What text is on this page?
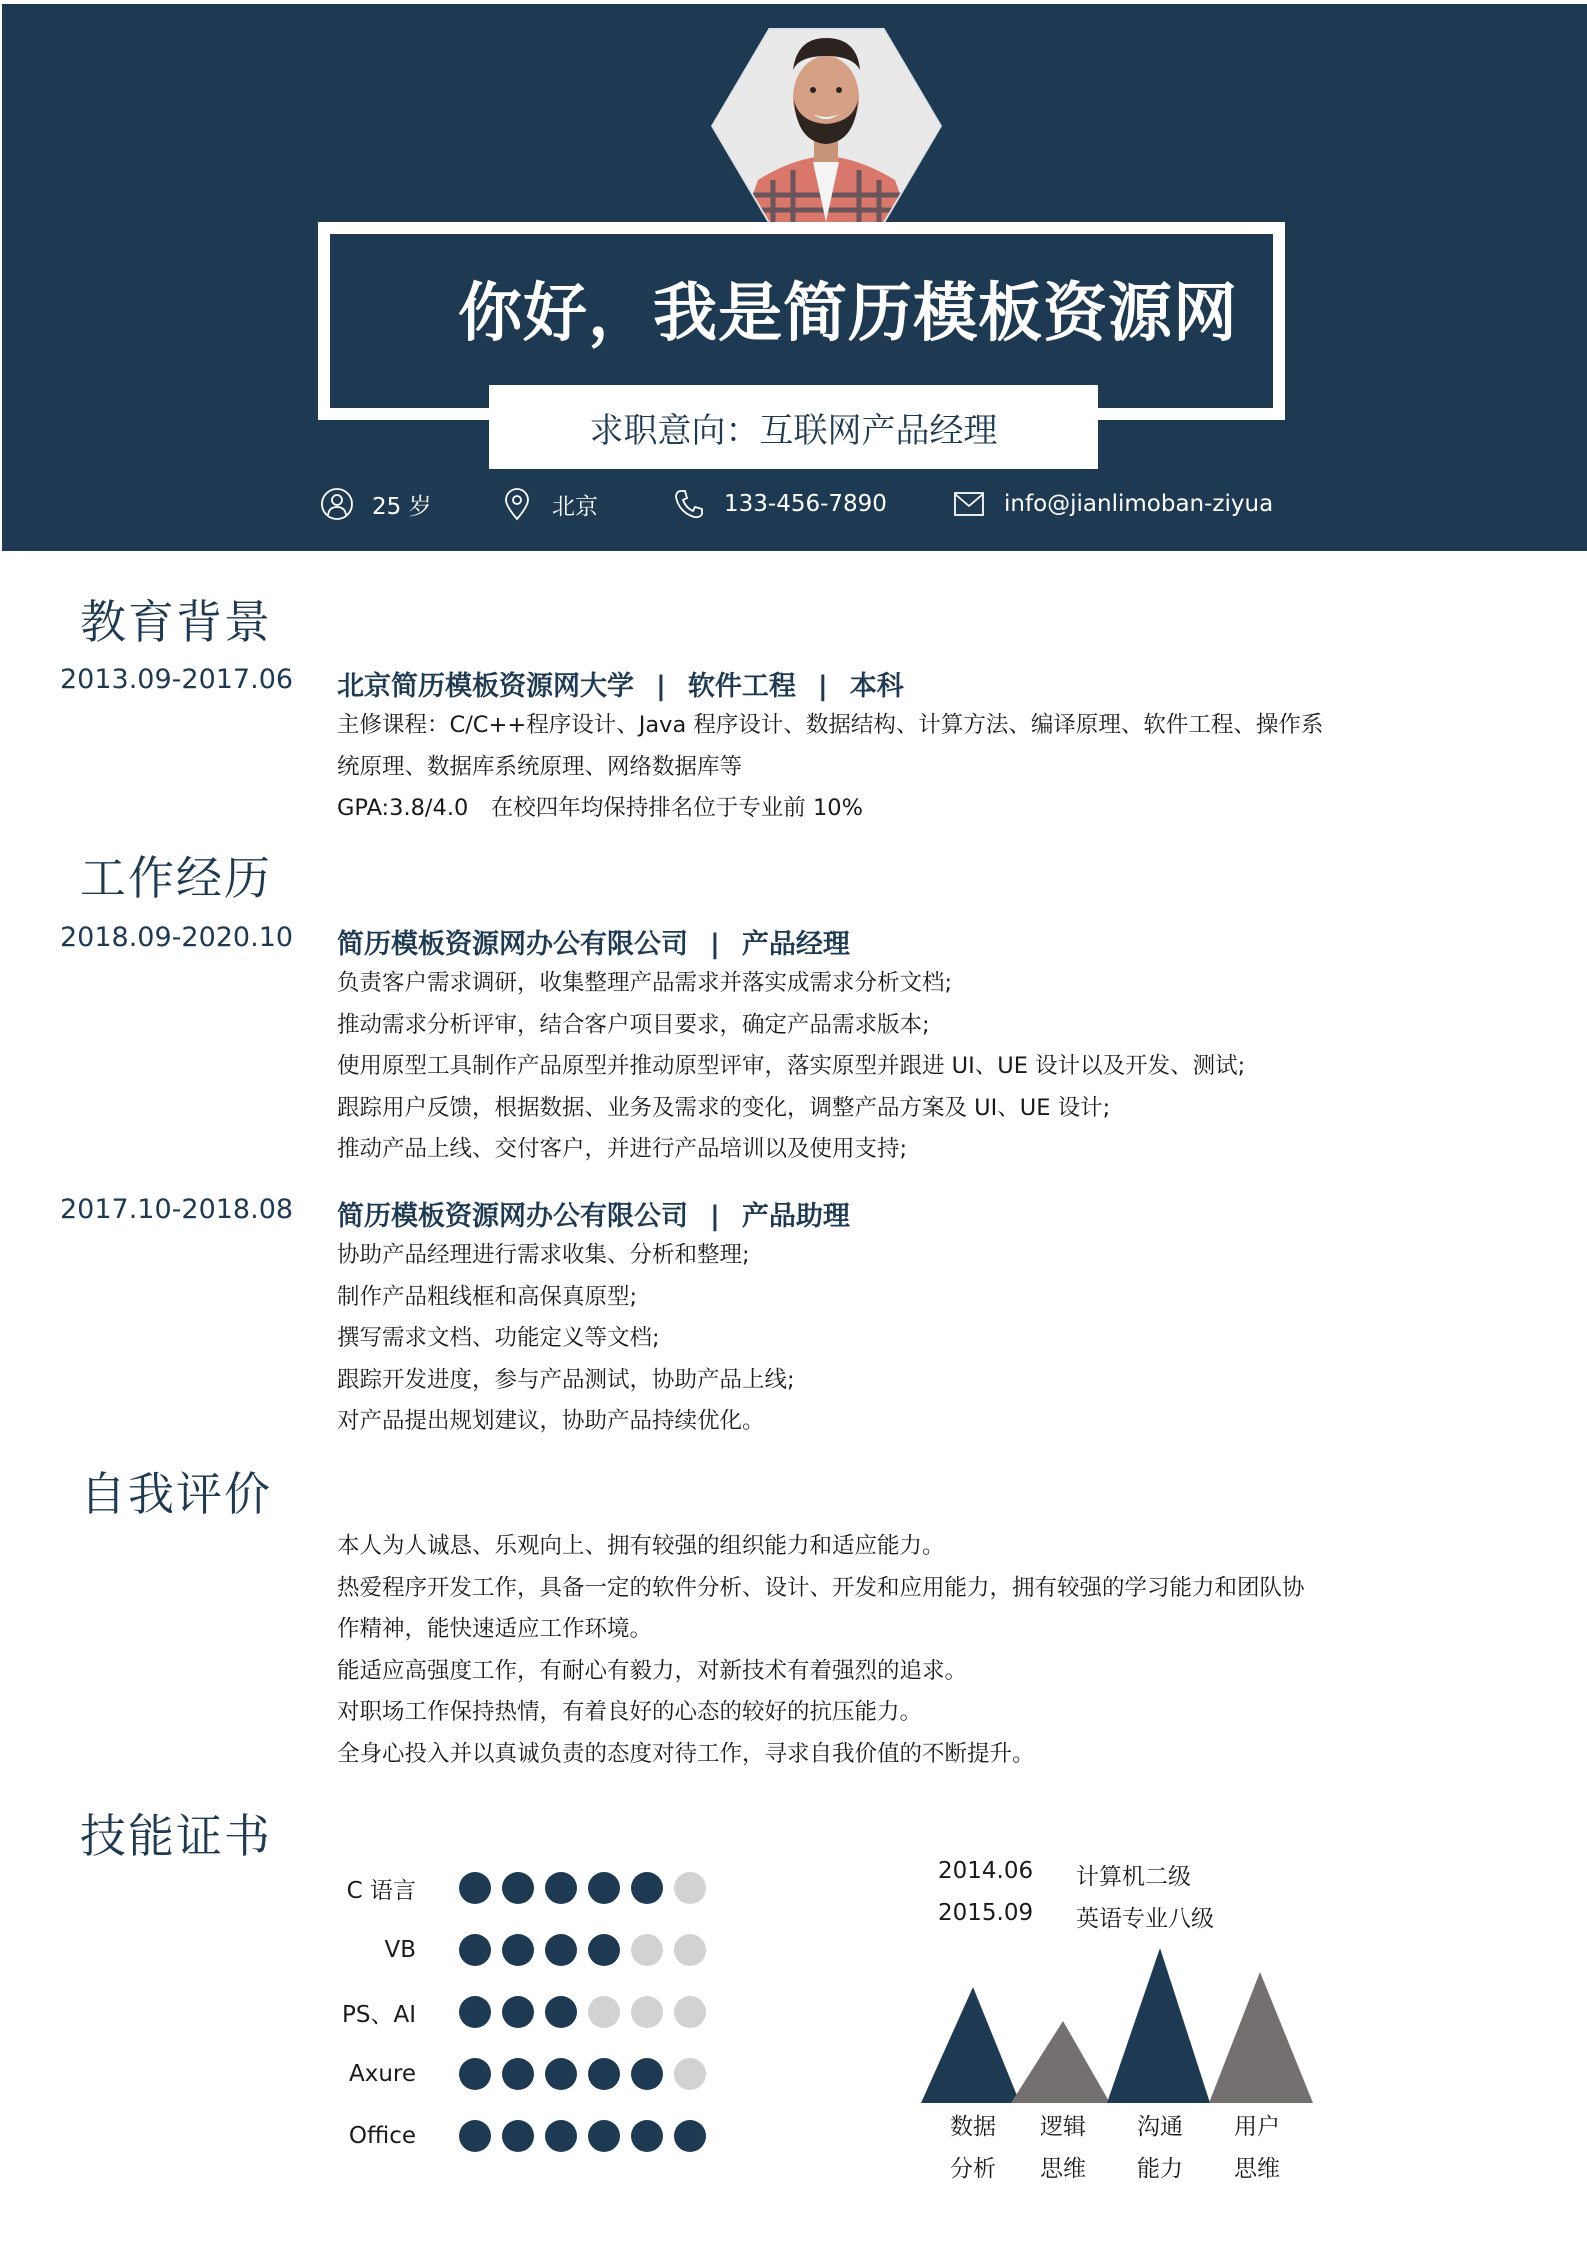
你好，我是简历模板资源网
求职意向：互联网产品经理
25 岁	北京	133-456-7890	info@jianlimoban-ziyua
教育背景
2013.09-2017.06 北京简历模板资源网大学 | 软件工程 | 本科
主修课程：C/C++程序设计、Java 程序设计、数据结构、计算方法、编译原理、软件工程、操作系
统原理、数据库系统原理、网络数据库等
GPA:3.8/4.0　在校四年均保持排名位于专业前 10%
工作经历
2018.09-2020.10 简历模板资源网办公有限公司 | 产品经理
负责客户需求调研，收集整理产品需求并落实成需求分析文档;
推动需求分析评审，结合客户项目要求，确定产品需求版本;
使用原型工具制作产品原型并推动原型评审，落实原型并跟进 UI、UE 设计以及开发、测试;
跟踪用户反馈，根据数据、业务及需求的变化，调整产品方案及 UI、UE 设计;
推动产品上线、交付客户，并进行产品培训以及使用支持;
2017.10-2018.08 简历模板资源网办公有限公司 | 产品助理
协助产品经理进行需求收集、分析和整理;
制作产品粗线框和高保真原型;
撰写需求文档、功能定义等文档;
跟踪开发进度，参与产品测试，协助产品上线;
对产品提出规划建议，协助产品持续优化。
自我评价
本人为人诚恳、乐观向上、拥有较强的组织能力和适应能力。
热爱程序开发工作，具备一定的软件分析、设计、开发和应用能力，拥有较强的学习能力和团队协
作精神，能快速适应工作环境。
能适应高强度工作，有耐心有毅力，对新技术有着强烈的追求。
对职场工作保持热情，有着良好的心态的较好的抗压能力。
全身心投入并以真诚负责的态度对待工作，寻求自我价值的不断提升。
技能证书
C 语言
VB
PS、AI
Axure
Office
2014.06	计算机二级
2015.09	英语专业八级
数据
分析
逻辑
思维
沟通
能力
用户
思维
